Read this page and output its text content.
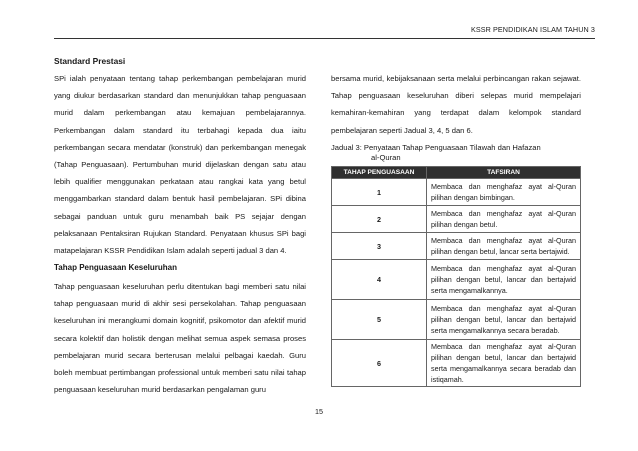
KSSR PENDIDIKAN ISLAM TAHUN 3
Standard Prestasi

SPi ialah penyataan tentang tahap perkembangan pembelajaran murid yang diukur berdasarkan standard dan menunjukkan tahap penguasaan murid dalam perkembangan atau kemajuan pembelajarannya. Perkembangan dalam standard itu terbahagi kepada dua iaitu perkembangan secara mendatar (konstruk) dan perkembangan menegak (Tahap Penguasaan). Pertumbuhan murid dijelaskan dengan satu atau lebih qualifier menggunakan perkataan atau rangkai kata yang betul menggambarkan standard dalam bentuk hasil pembelajaran. SPi dibina sebagai panduan untuk guru menambah baik PS sejajar dengan pelaksanaan Pentaksiran Rujukan Standard. Penyataan khusus SPi bagi matapelajaran KSSR Pendidikan Islam adalah seperti jadual 3 dan 4.

Tahap Penguasaan Keseluruhan

Tahap penguasaan keseluruhan perlu ditentukan bagi memberi satu nilai tahap penguasaan murid di akhir sesi persekolahan. Tahap penguasaan keseluruhan ini merangkumi domain kognitif, psikomotor dan afektif murid secara kolektif dan holistik dengan melihat semua aspek semasa proses pembelajaran murid secara berterusan melalui pelbagai kaedah. Guru boleh membuat pertimbangan professional untuk memberi satu nilai tahap penguasaan keseluruhan murid berdasarkan pengalaman guru

bersama murid, kebijaksanaan serta melalui perbincangan rakan sejawat. Tahap penguasaan keseluruhan diberi selepas murid mempelajari kemahiran-kemahiran yang terdapat dalam kelompok standard pembelajaran seperti Jadual 3, 4, 5 dan 6.

Jadual 3: Penyataan Tahap Penguasaan Tilawah dan Hafazan
al-Quran
TAHAP PENGUASAAN	TAFSIRAN
1	Membaca dan menghafaz ayat al-Quran pilihan dengan bimbingan.
2	Membaca dan menghafaz ayat al-Quran pilihan dengan betul.
3	Membaca dan menghafaz ayat al-Quran pilihan dengan betul, lancar serta bertajwid.
4	Membaca dan menghafaz ayat al-Quran pilihan dengan betul, lancar dan bertajwid serta mengamalkannya.
5	Membaca dan menghafaz ayat al-Quran pilihan dengan betul, lancar dan bertajwid serta mengamalkannya secara beradab.
6	Membaca dan menghafaz ayat al-Quran pilihan dengan betul, lancar dan bertajwid serta mengamalkannya secara beradab dan istiqamah.
15
